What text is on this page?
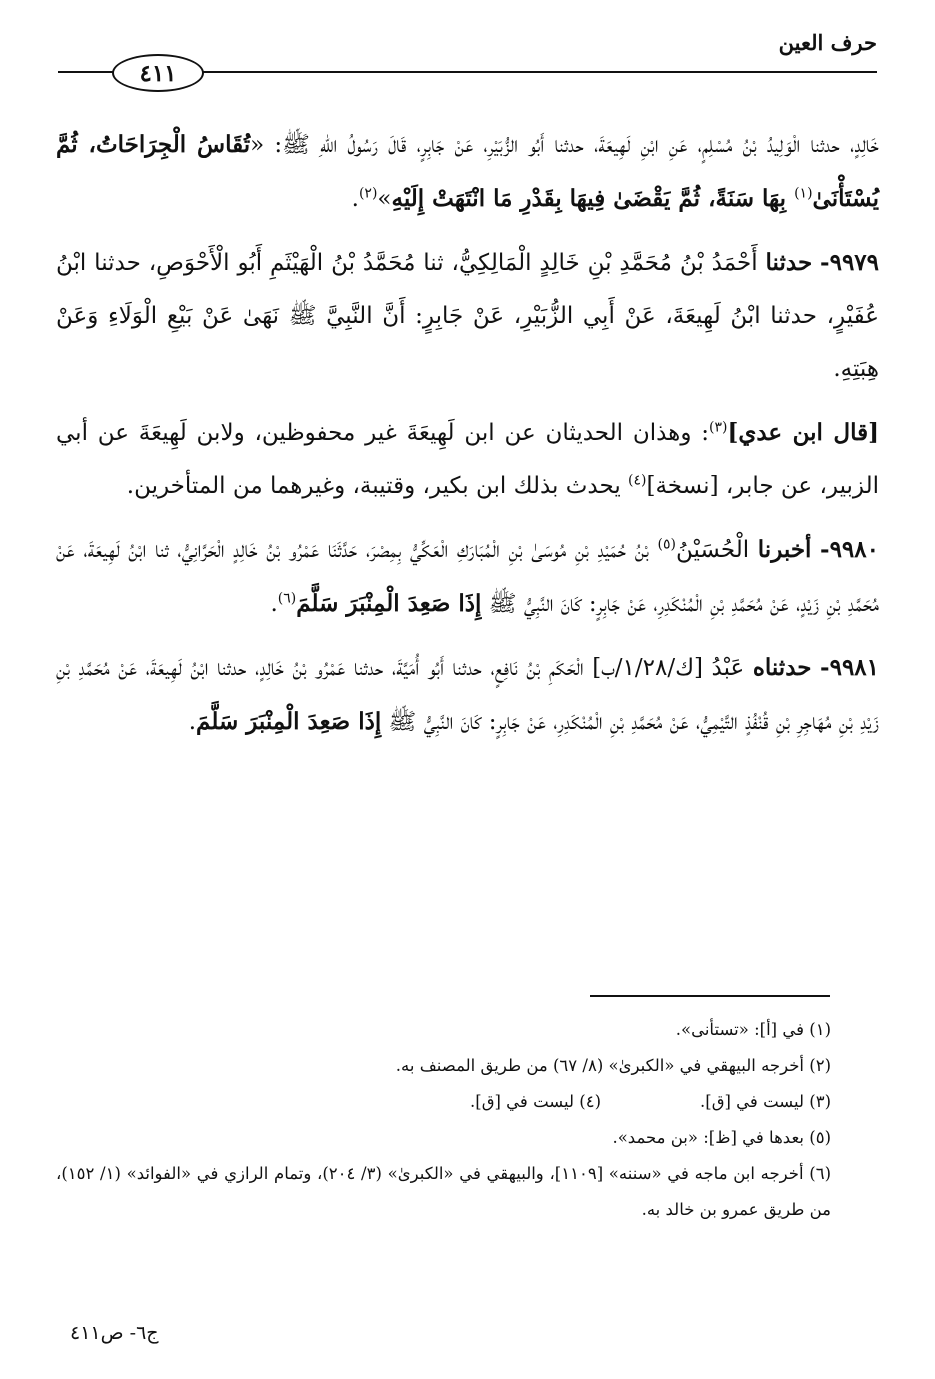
حرف العين
٤١١

خَالِدٍ، حدثنا الْوَلِيدُ بْنُ مُسْلِمٍ، عَنِ ابْنِ لَهِيعَةَ، حدثنا أَبُو الزُّبَيْرِ، عَنْ جَابِرٍ، قَالَ رَسُولُ اللهِ ﷺ: «تُقَاسُ الْجِرَاحَاتُ، ثُمَّ يُسْتَأْنَىٰ$^{(١)}$ بِهَا سَنَةً، ثُمَّ يَقْضَىٰ فِيهَا بِقَدْرِ مَا انْتَهَتْ إِلَيْهِ»$^{(٢)}$.

٩٩٧٩- حدثنا أَحْمَدُ بْنُ مُحَمَّدِ بْنِ خَالِدٍ الْمَالِكِيُّ، ثنا مُحَمَّدُ بْنُ الْهَيْثَمِ أَبُو الْأَحْوَصِ، حدثنا ابْنُ عُفَيْرٍ، حدثنا ابْنُ لَهِيعَةَ، عَنْ أَبِي الزُّبَيْرِ، عَنْ جَابِرٍ: أَنَّ النَّبِيَّ ﷺ نَهَىٰ عَنْ بَيْعِ الْوَلَاءِ وَعَنْ هِبَتِهِ.

[قال ابن عدي]$^{(٣)}$: وهذان الحديثان عن ابن لَهِيعَةَ غير محفوظين، ولابن لَهِيعَةَ عن أبي الزبير، عن جابر، [نسخة]$^{(٤)}$ يحدث بذلك ابن بكير، وقتيبة، وغيرهما من المتأخرين.

٩٩٨٠- أخبرنا الْحُسَيْنُ$^{(٥)}$ بْنُ حُمَيْدِ بْنِ مُوسَىٰ بْنِ الْمُبَارَكِ الْعَكِّيُّ بِمِصْرَ، حَدَّثَنَا عَمْرُو بْنُ خَالِدٍ الْحَرَّانِيُّ، ثنا ابْنُ لَهِيعَةَ، عَنْ مُحَمَّدِ بْنِ زَيْدٍ، عَنْ مُحَمَّدِ بْنِ الْمُنْكَدِرِ، عَنْ جَابِرٍ: كَانَ النَّبِيُّ ﷺ إِذَا صَعِدَ الْمِنْبَرَ سَلَّمَ$^{(٦)}$.

٩٩٨١- حدثناه عَبْدُ [ك/١/٢٨/ب] الْحَكَمِ بْنُ نَافِعٍ، حدثنا أَبُو أُمَيَّةَ، حدثنا عَمْرُو بْنُ خَالِدٍ، حدثنا ابْنُ لَهِيعَةَ، عَنْ مُحَمَّدِ بْنِ زَيْدِ بْنِ مُهَاجِرِ بْنِ قُنْفُذٍ التَّيْمِيُّ، عَنْ مُحَمَّدِ بْنِ الْمُنْكَدِرِ، عَنْ جَابِرٍ: كَانَ النَّبِيُّ ﷺ إِذَا صَعِدَ الْمِنْبَرَ سَلَّمَ.

(١) في [أ]: «تستأنى».

(٢) أخرجه البيهقي في «الكبرىٰ» (٨/ ٦٧) من طريق المصنف به.

(٣) ليست في [ق].

(٤) ليست في [ق].

(٥) بعدها في [ظ]: «بن محمد».

(٦) أخرجه ابن ماجه في «سننه» [١١٠٩]، والبيهقي في «الكبرىٰ» (٣/ ٢٠٤)، وتمام الرازي في «الفوائد» (١/ ١٥٢)، من طريق عمرو بن خالد به.

ج٦- ص٤١١
